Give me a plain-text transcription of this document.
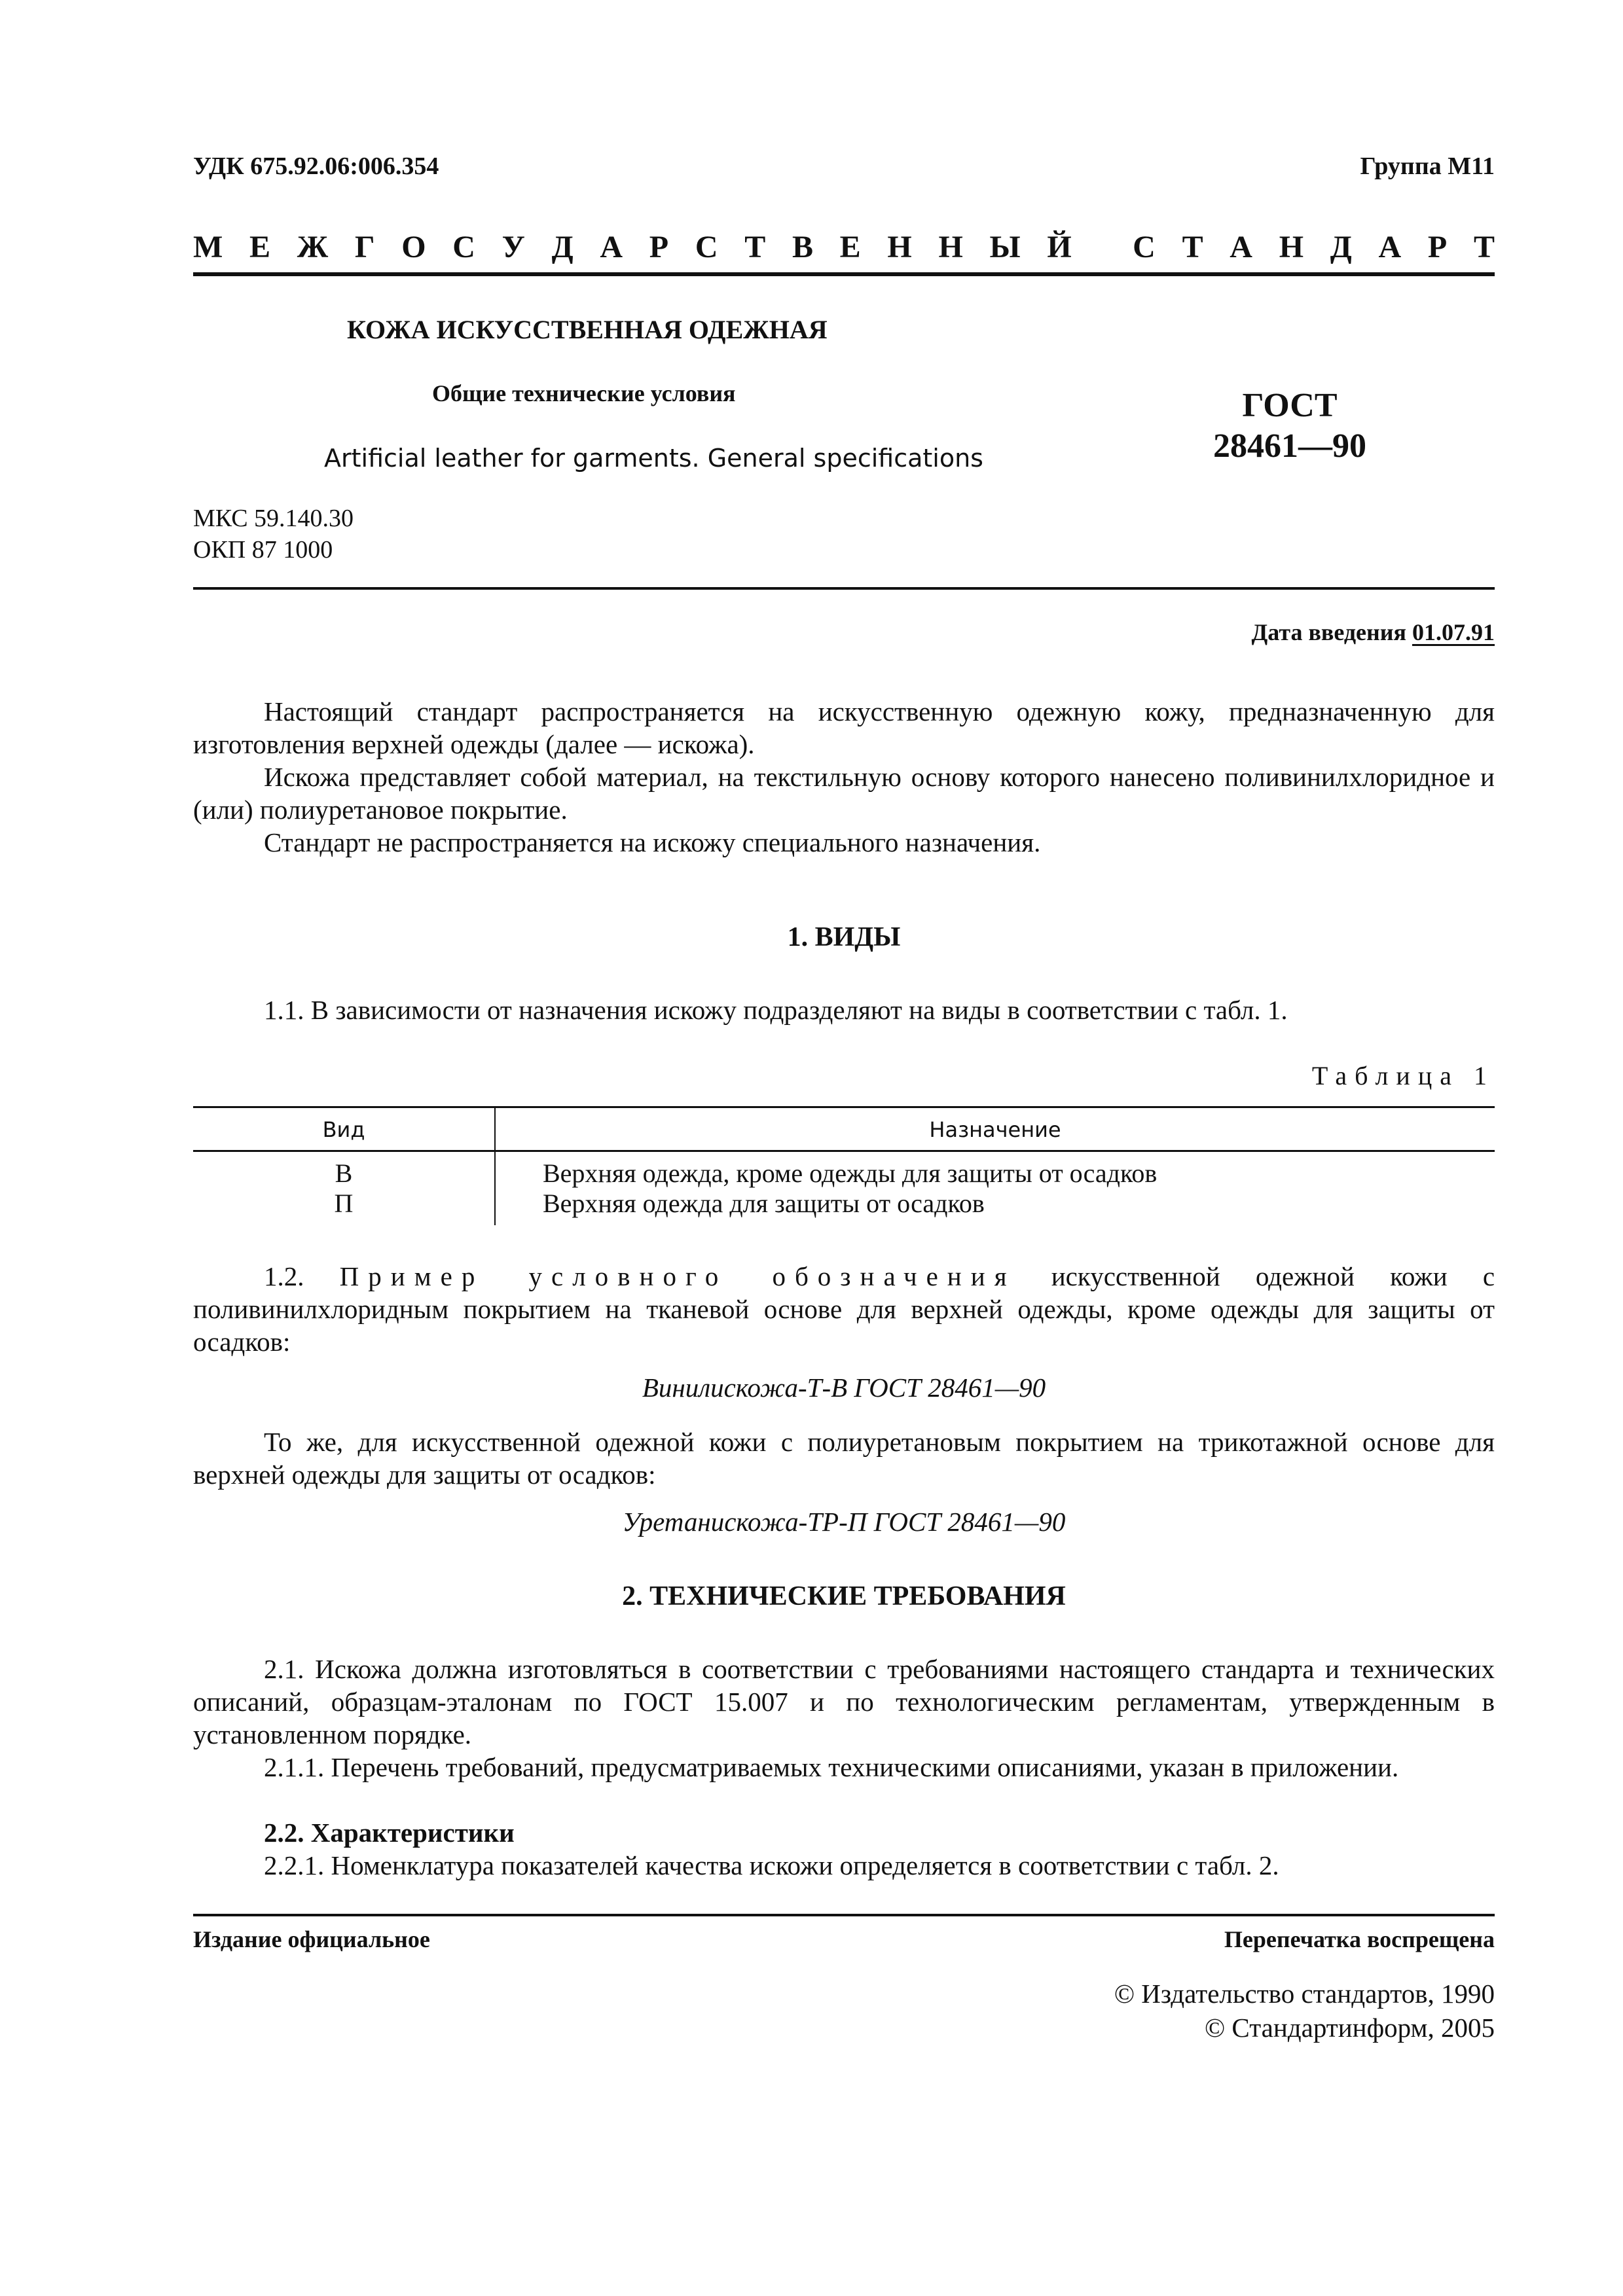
УДК 675.92.06:006.354	Группа М11
М Е Ж Г О С У Д А Р С Т В Е Н Н Ы Й
С Т А Н Д А Р Т
КОЖА ИСКУССТВЕННАЯ ОДЕЖНАЯ
Общие технические условия
Artificial leather for garments. General specifications
ГОСТ
28461—90
МКС 59.140.30
ОКП 87 1000
Дата введения 01.07.91
Настоящий стандарт распространяется на искусственную одежную кожу, предназначенную для изготовления верхней одежды (далее — искожа).
Искожа представляет собой материал, на текстильную основу которого нанесено поливинилхлоридное и (или) полиуретановое покрытие.
Стандарт не распространяется на искожу специального назначения.
1. ВИДЫ
1.1. В зависимости от назначения искожу подразделяют на виды в соответствии с табл. 1.
Таблица 1
Вид	Назначение
В	Верхняя одежда, кроме одежды для защиты от осадков
П	Верхняя одежда для защиты от осадков
1.2. Пример условного обозначения искусственной одежной кожи с поливинилхлоридным покрытием на тканевой основе для верхней одежды, кроме одежды для защиты от осадков:
Винилискожа-Т-В ГОСТ 28461—90
То же, для искусственной одежной кожи с полиуретановым покрытием на трикотажной основе для верхней одежды для защиты от осадков:
Уретанискожа-ТР-П ГОСТ 28461—90
2. ТЕХНИЧЕСКИЕ ТРЕБОВАНИЯ
2.1. Искожа должна изготовляться в соответствии с требованиями настоящего стандарта и технических описаний, образцам-эталонам по ГОСТ 15.007 и по технологическим регламентам, утвержденным в установленном порядке.
2.1.1. Перечень требований, предусматриваемых техническими описаниями, указан в приложении.
2.2. Характеристики
2.2.1. Номенклатура показателей качества искожи определяется в соответствии с табл. 2.
Издание официальное	Перепечатка воспрещена
© Издательство стандартов, 1990
© Стандартинформ, 2005
